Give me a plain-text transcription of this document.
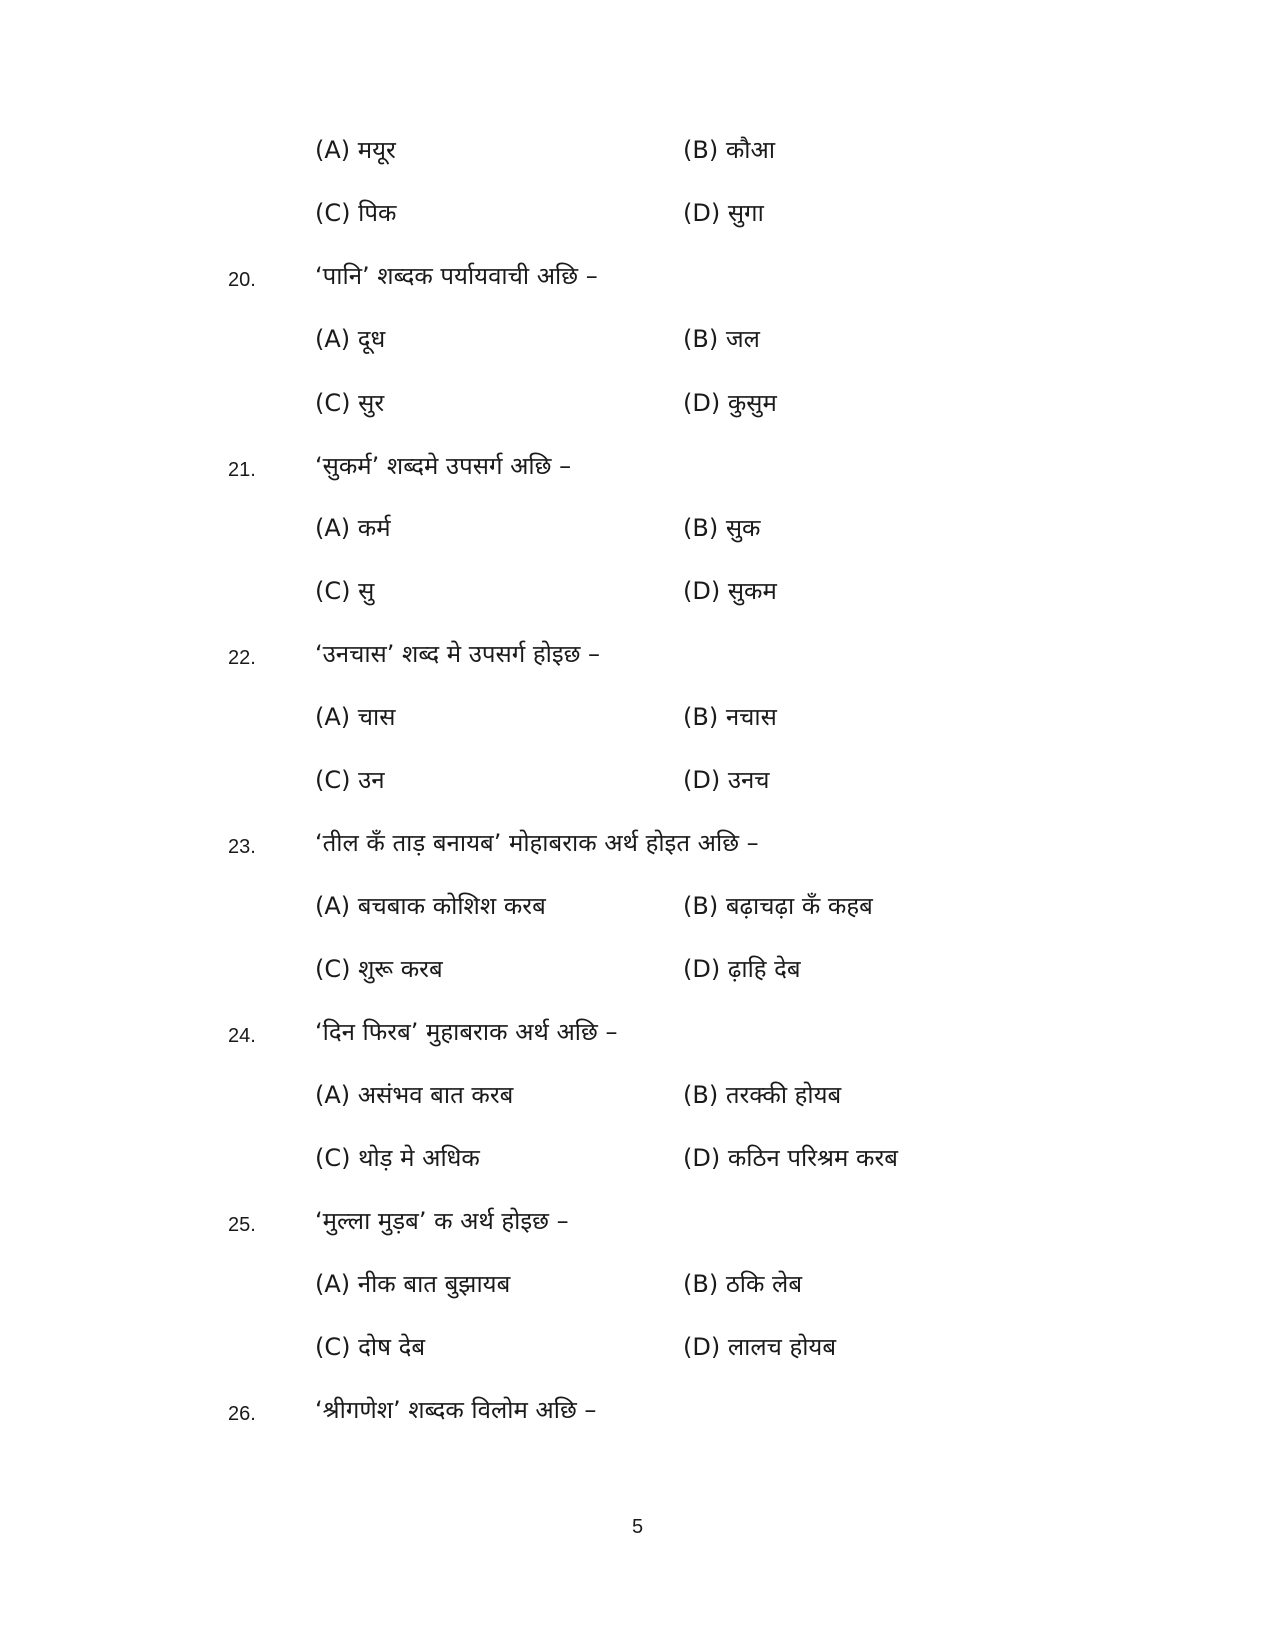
(A) मयूर	(B) कौआ
(C) पिक	(D) सुगा
20. ‘पानि’ शब्दक पर्यायवाची अछि –
(A) दूध	(B) जल
(C) सुर	(D) कुसुम
21. ‘सुकर्म’ शब्दमे उपसर्ग अछि –
(A) कर्म	(B) सुक
(C) सु	(D) सुकम
22. ‘उनचास’ शब्द मे उपसर्ग होइछ –
(A) चास	(B) नचास
(C) उन	(D) उनच
23. ‘तील कँ ताड़ बनायब’ मोहाबराक अर्थ होइत अछि –
(A) बचबाक कोशिश करब	(B) बढ़ाचढ़ा कँ कहब
(C) शुरू करब	(D) ढ़ाहि देब
24. ‘दिन फिरब’ मुहाबराक अर्थ अछि –
(A) असंभव बात करब	(B) तरक्की होयब
(C) थोड़ मे अधिक	(D) कठिन परिश्रम करब
25. ‘मुल्ला मुड़ब’ क अर्थ होइछ –
(A) नीक बात बुझायब	(B) ठकि लेब
(C) दोष देब	(D) लालच होयब
26. ‘श्रीगणेश’ शब्दक विलोम अछि –
5
